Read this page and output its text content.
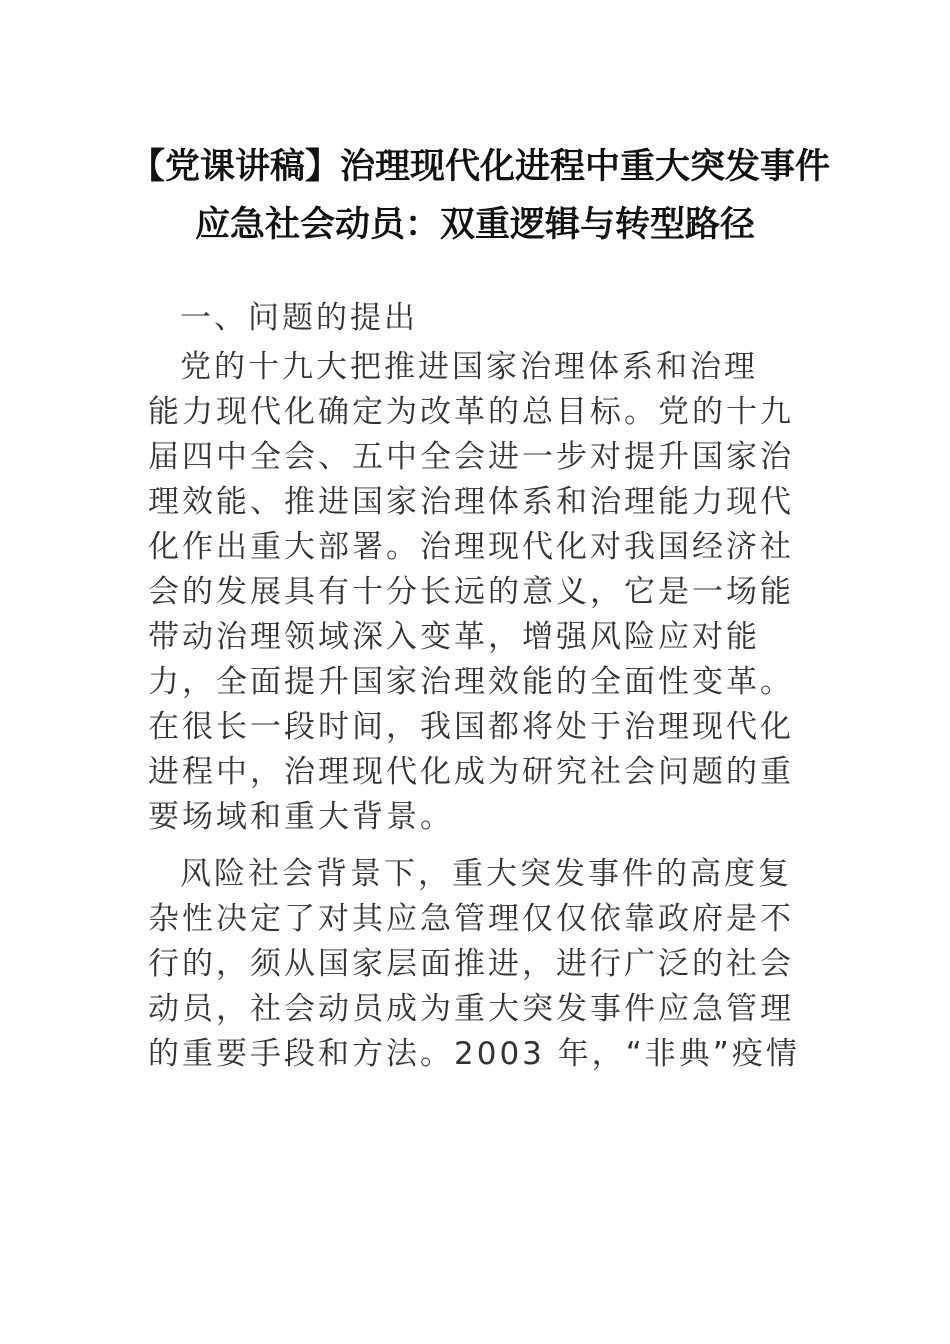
【党课讲稿】治理现代化进程中重大突发事件
应急社会动员：双重逻辑与转型路径
一、问题的提出
党的十九大把推进国家治理体系和治理
能力现代化确定为改革的总目标。党的十九
届四中全会、五中全会进一步对提升国家治
理效能、推进国家治理体系和治理能力现代
化作出重大部署。治理现代化对我国经济社
会的发展具有十分长远的意义，它是一场能
带动治理领域深入变革，增强风险应对能
力，全面提升国家治理效能的全面性变革。
在很长一段时间，我国都将处于治理现代化
进程中，治理现代化成为研究社会问题的重
要场域和重大背景。
风险社会背景下，重大突发事件的高度复
杂性决定了对其应急管理仅仅依靠政府是不
行的，须从国家层面推进，进行广泛的社会
动员，社会动员成为重大突发事件应急管理
的重要手段和方法。2003 年，“非典”疫情
